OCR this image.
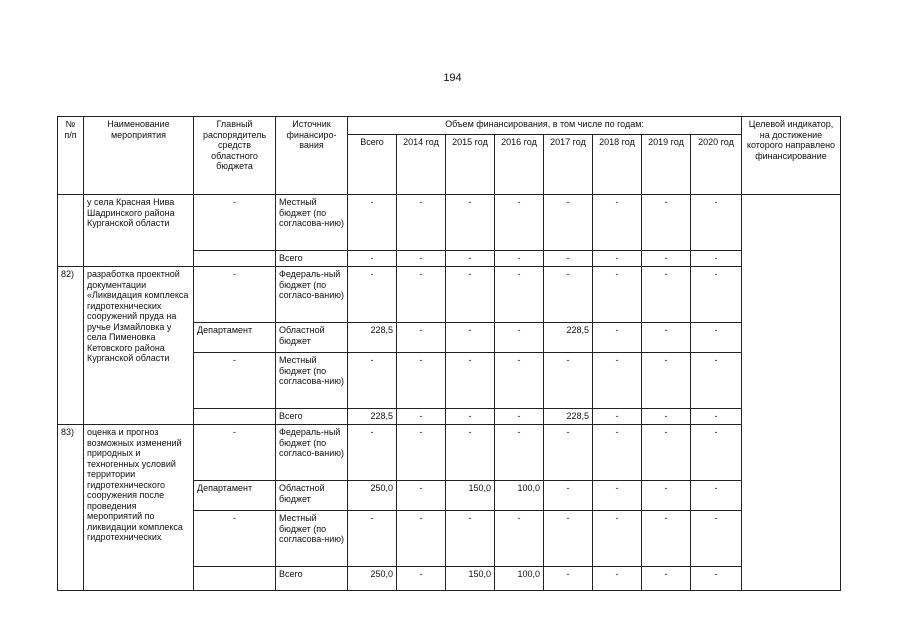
194
№ п/п	Наименование мероприятия	Главный распорядитель средств областного бюджета	Источник финансиро-вания	Объем финансирования, в том числе по годам:								Целевой индикатор, на достижение которого направлено финансирование
				Всего	2014 год	2015 год	2016 год	2017 год	2018 год	2019 год	2020 год	
	у села Красная Нива Шадринского района Курганской области	-	Местный бюджет (по согласова-нию)	-	-	-	-	-	-	-	-	
			Всего	-	-	-	-	-	-	-	-	
82)	разработка проектной документации «Ликвидация комплекса гидротехнических сооружений пруда на ручье Измайловка у села Пименовка Кетовского района Курганской области	-	Федераль-ный бюджет (по согласо-ванию)	-	-	-	-	-	-	-	-	
		Департамент	Областной бюджет	228,5	-	-	-	228,5	-	-	-	
		-	Местный бюджет (по согласова-нию)	-	-	-	-	-	-	-	-	
			Всего	228,5	-	-	-	228,5	-	-	-	
83)	оценка и прогноз возможных изменений природных и техногенных условий территории гидротехнического сооружения после проведения мероприятий по ликвидации комплекса гидротехнических	-	Федераль-ный бюджет (по согласо-ванию)	-	-	-	-	-	-	-	-	
		Департамент	Областной бюджет	250,0	-	150,0	100,0	-	-	-	-	
		-	Местный бюджет (по согласова-нию)	-	-	-	-	-	-	-	-	
			Всего	250,0	-	150,0	100,0	-	-	-	-	
